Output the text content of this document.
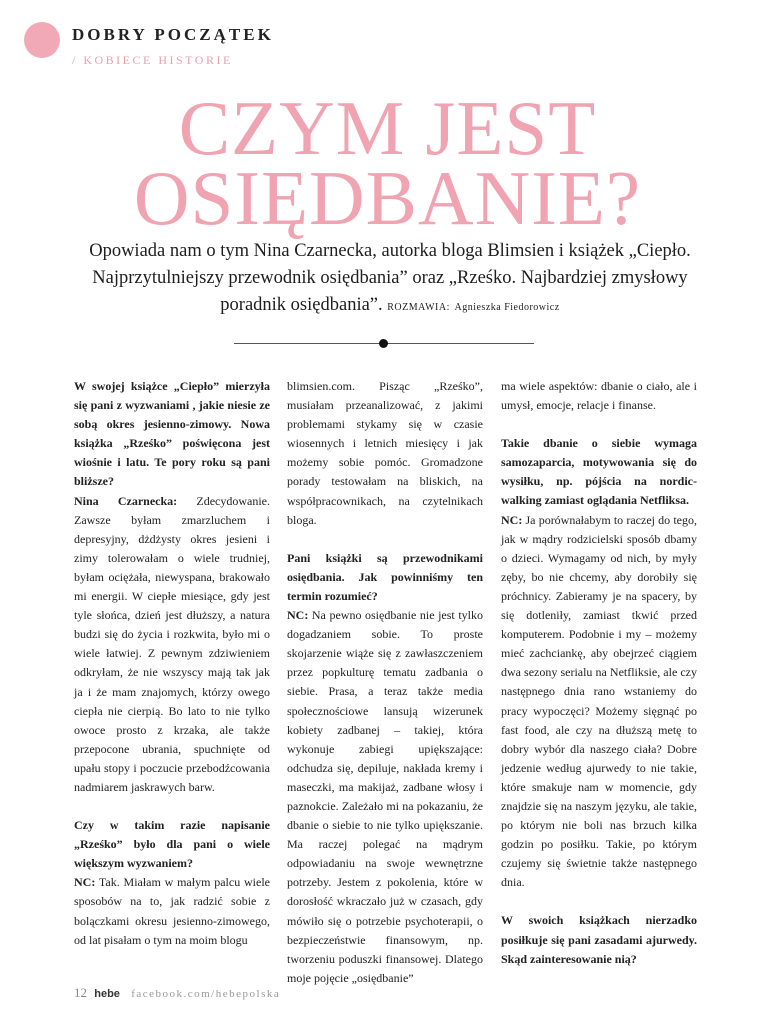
DOBRY POCZĄTEK
/ KOBIECE HISTORIE
CZYM JEST
OSIĘDBANIE?
Opowiada nam o tym Nina Czarnecka, autorka bloga Blimsien i książek „Ciepło. Najprzytulniejszy przewodnik osiędbania” oraz „Rześko. Najbardziej zmysłowy poradnik osiędbania”. ROZMAWIA: Agnieszka Fiedorowicz

W swojej książce „Ciepło” mierzyła się pani z wyzwaniami , jakie niesie ze sobą okres jesienno-zimowy. Nowa książka „Rześko” poświęcona jest wiośnie i latu. Te pory roku są pani bliższe?

Nina Czarnecka: Zdecydowanie. Zawsze byłam zmarzluchem i depresyjny, dżdżysty okres jesieni i zimy tolerowałam o wiele trudniej, byłam ociężała, niewyspana, brakowało mi energii. W ciepłe miesiące, gdy jest tyle słońca, dzień jest dłuższy, a natura budzi się do życia i rozkwita, było mi o wiele łatwiej. Z pewnym zdziwieniem odkryłam, że nie wszyscy mają tak jak ja i że mam znajomych, którzy owego ciepła nie cierpią. Bo lato to nie tylko owoce prosto z krzaka, ale także przepocone ubrania, spuchnięte od upału stopy i poczucie przebodźcowania nadmiarem jaskrawych barw.

Czy w takim razie napisanie „Rześko” było dla pani o wiele większym wyzwaniem?

NC: Tak. Miałam w małym palcu wiele sposobów na to, jak radzić sobie z bolączkami okresu jesienno-zimowego, od lat pisałam o tym na moim blogu

blimsien.com. Pisząc „Rześko”, musiałam przeanalizować, z jakimi problemami stykamy się w czasie wiosennych i letnich miesięcy i jak możemy sobie pomóc. Gromadzone porady testowałam na bliskich, na współpracownikach, na czytelnikach bloga.

Pani książki są przewodnikami osiędbania. Jak powinniśmy ten termin rozumieć?

NC: Na pewno osiędbanie nie jest tylko dogadzaniem sobie. To proste skojarzenie wiąże się z zawłaszczeniem przez popkulturę tematu zadbania o siebie. Prasa, a teraz także media społecznościowe lansują wizerunek kobiety zadbanej – takiej, która wykonuje zabiegi upiększające: odchudza się, depiluje, nakłada kremy i maseczki, ma makijaż, zadbane włosy i paznokcie. Zależało mi na pokazaniu, że dbanie o siebie to nie tylko upiększanie. Ma raczej polegać na mądrym odpowiadaniu na swoje wewnętrzne potrzeby. Jestem z pokolenia, które w dorosłość wkraczało już w czasach, gdy mówiło się o potrzebie psychoterapii, o bezpieczeństwie finansowym, np. tworzeniu poduszki finansowej. Dlatego moje pojęcie „osiędbanie”

ma wiele aspektów: dbanie o ciało, ale i umysł, emocje, relacje i finanse.

Takie dbanie o siebie wymaga samozaparcia, motywowania się do wysiłku, np. pójścia na nordic-walking zamiast oglądania Netfliksa.

NC: Ja porównałabym to raczej do tego, jak w mądry rodzicielski sposób dbamy o dzieci. Wymagamy od nich, by myły zęby, bo nie chcemy, aby dorobiły się próchnicy. Zabieramy je na spacery, by się dotleniły, zamiast tkwić przed komputerem. Podobnie i my – możemy mieć zachciankę, aby obejrzeć ciągiem dwa sezony serialu na Netfliksie, ale czy następnego dnia rano wstaniemy do pracy wypoczęci? Możemy sięgnąć po fast food, ale czy na dłuższą metę to dobry wybór dla naszego ciała? Dobre jedzenie według ajurwedy to nie takie, które smakuje nam w momencie, gdy znajdzie się na naszym języku, ale takie, po którym nie boli nas brzuch kilka godzin po posiłku. Takie, po którym czujemy się świetnie także następnego dnia.

W swoich książkach nierzadko posiłkuje się pani zasadami ajurwedy. Skąd zainteresowanie nią?

12 hebe facebook.com/hebepolska
